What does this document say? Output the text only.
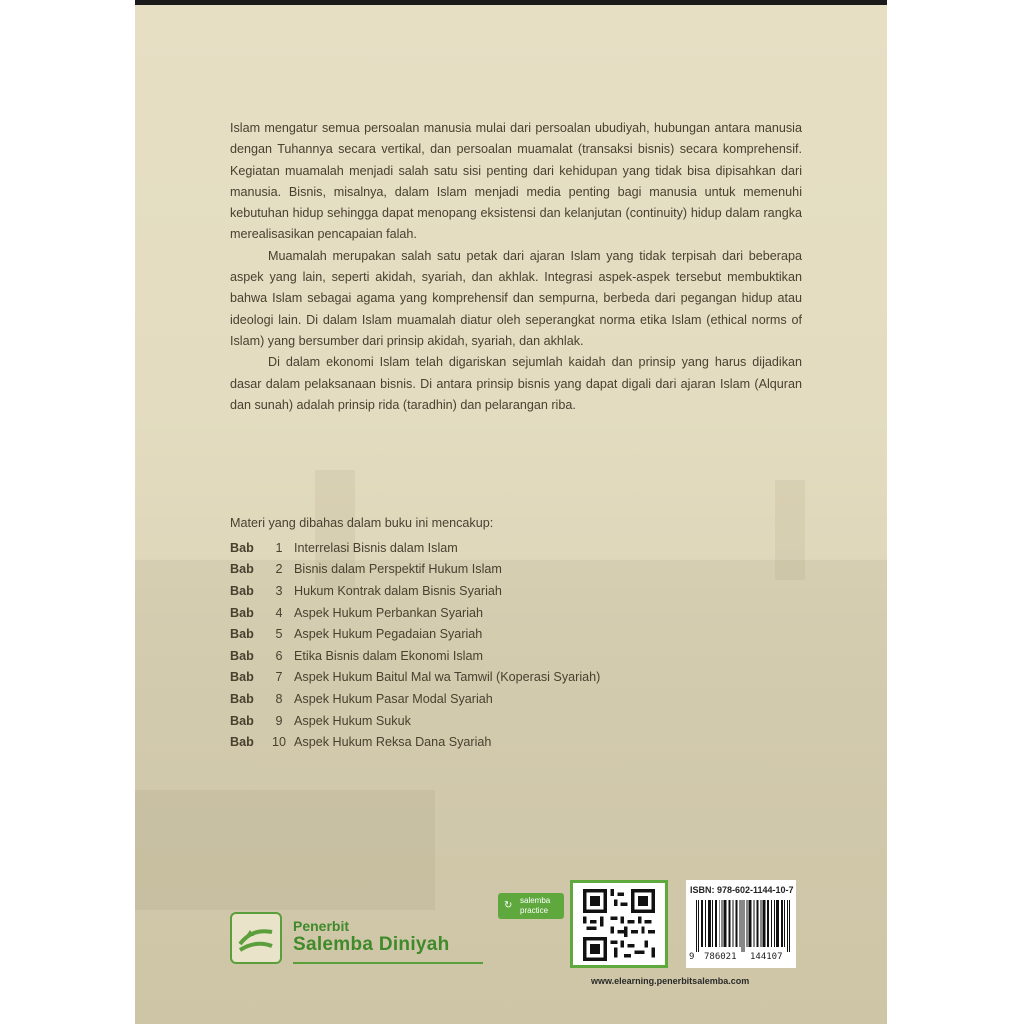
Islam mengatur semua persoalan manusia mulai dari persoalan ubudiyah, hubungan antara manusia dengan Tuhannya secara vertikal, dan persoalan muamalat (transaksi bisnis) secara komprehensif. Kegiatan muamalah menjadi salah satu sisi penting dari kehidupan yang tidak bisa dipisahkan dari manusia. Bisnis, misalnya, dalam Islam menjadi media penting bagi manusia untuk memenuhi kebutuhan hidup sehingga dapat menopang eksistensi dan kelanjutan (continuity) hidup dalam rangka merealisasikan pencapaian falah.

Muamalah merupakan salah satu petak dari ajaran Islam yang tidak terpisah dari beberapa aspek yang lain, seperti akidah, syariah, dan akhlak. Integrasi aspek-aspek tersebut membuktikan bahwa Islam sebagai agama yang komprehensif dan sempurna, berbeda dari pegangan hidup atau ideologi lain. Di dalam Islam muamalah diatur oleh seperangkat norma etika Islam (ethical norms of Islam) yang bersumber dari prinsip akidah, syariah, dan akhlak.

Di dalam ekonomi Islam telah digariskan sejumlah kaidah dan prinsip yang harus dijadikan dasar dalam pelaksanaan bisnis. Di antara prinsip bisnis yang dapat digali dari ajaran Islam (Alquran dan sunah) adalah prinsip rida (taradhin) dan pelarangan riba.

Materi yang dibahas dalam buku ini mencakup:
Bab	1 Interrelasi Bisnis dalam Islam
Bab	2 Bisnis dalam Perspektif Hukum Islam
Bab	3 Hukum Kontrak dalam Bisnis Syariah
Bab	4 Aspek Hukum Perbankan Syariah
Bab	5 Aspek Hukum Pegadaian Syariah
Bab	6 Etika Bisnis dalam Ekonomi Islam
Bab	7 Aspek Hukum Baitul Mal wa Tamwil (Koperasi Syariah)
Bab	8 Aspek Hukum Pasar Modal Syariah
Bab	9 Aspek Hukum Sukuk
Bab	10 Aspek Hukum Reksa Dana Syariah
Penerbit
Salemba Diniyah
↻ salemba
practice
ISBN: 978-602-1144-10-7
9 786021 144107
www.elearning.penerbitsalemba.com
